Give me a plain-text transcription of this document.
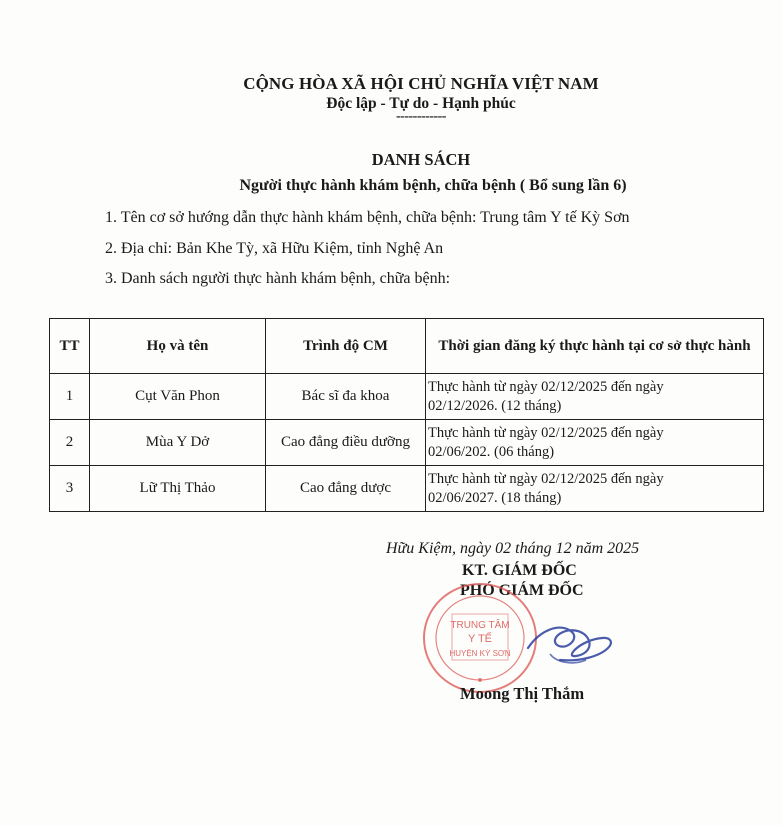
CỘNG HÒA XÃ HỘI CHỦ NGHĨA VIỆT NAM
Độc lập - Tự do - Hạnh phúc
------------
DANH SÁCH
Người thực hành khám bệnh, chữa bệnh ( Bổ sung lần 6)
1. Tên cơ sở hướng dẫn thực hành khám bệnh, chữa bệnh: Trung tâm Y tế Kỳ Sơn
2. Địa chỉ: Bản Khe Tỳ, xã Hữu Kiệm, tỉnh Nghệ An
3. Danh sách người thực hành khám bệnh, chữa bệnh:
TT	Họ và tên	Trình độ CM	Thời gian đăng ký thực hành tại cơ sở thực hành
1	Cụt Văn Phon	Bác sĩ đa khoa	Thực hành từ ngày 02/12/2025 đến ngày
02/12/2026. (12 tháng)

2	Mùa Y Dở	Cao đẳng điều dưỡng	Thực hành từ ngày 02/12/2025 đến ngày
02/06/202. (06 tháng)

3	Lữ Thị Thảo	Cao đẳng dược	Thực hành từ ngày 02/12/2025 đến ngày
02/06/2027. (18 tháng)
Hữu Kiệm, ngày 02 tháng 12 năm 2025
KT. GIÁM ĐỐC
PHÓ GIÁM ĐỐC
TRUNG TÂM
Y TẾ
HUYỆN KỲ SƠN
Moong Thị Thắm
